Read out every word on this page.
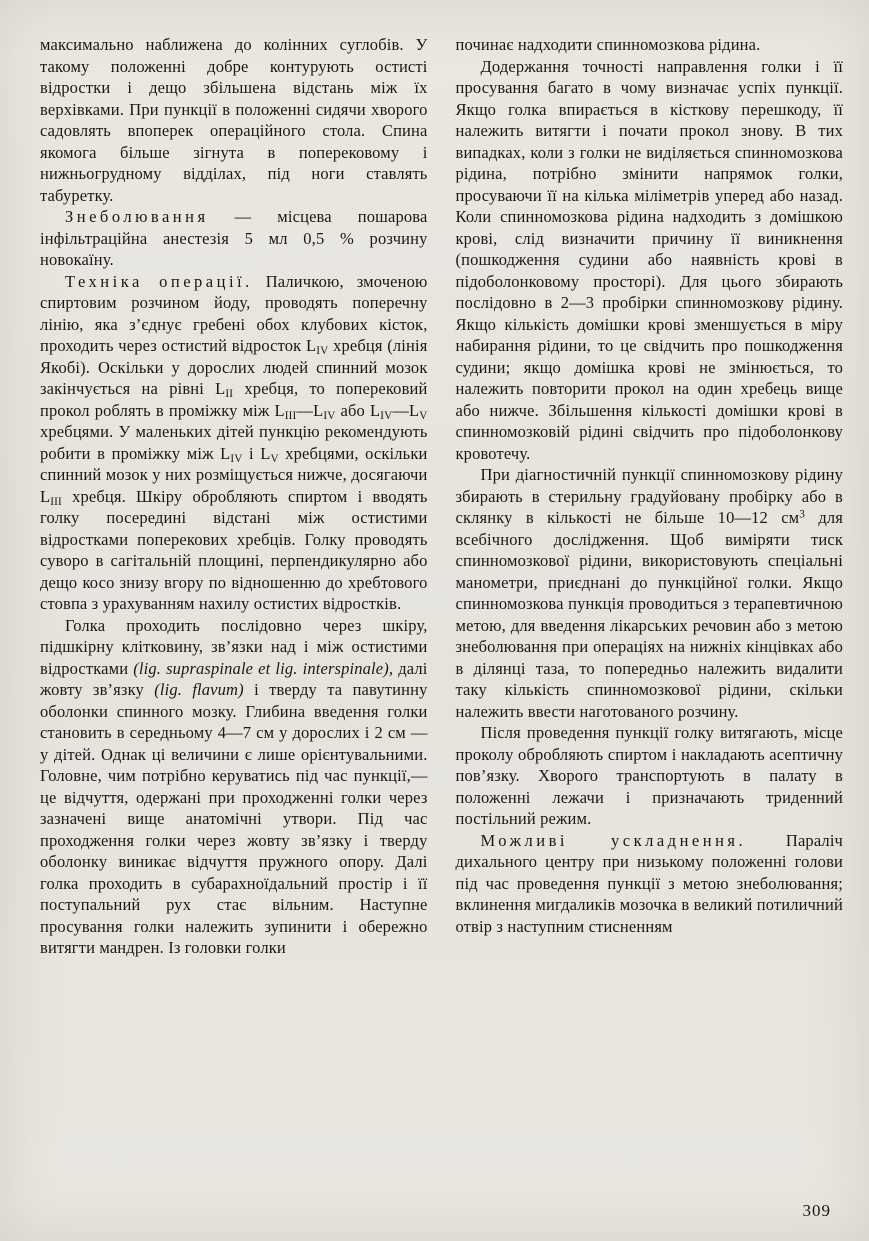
максимально наближена до колінних суглобів. У такому положенні добре контурують остисті відростки і дещо збільшена відстань між їх верхівками. При пункції в положенні сидячи хворого садовлять впоперек операційного стола. Спина якомога більше зігнута в поперековому і нижньогрудному відділах, під ноги ставлять табуретку.

Знеболювання — місцева пошарова інфільтраційна анестезія 5 мл 0,5 % розчину новокаїну.

Техніка операції. Паличкою, змоченою спиртовим розчином йоду, проводять поперечну лінію, яка з’єднує гребені обох клубових кісток, проходить через остистий відросток $L_{IV}$ хребця (лінія Якобі). Оскільки у дорослих людей спинний мозок закінчується на рівні $L_{II}$ хребця, то поперековий прокол роблять в проміжку між $L_{III}—L_{IV}$ або $L_{IV}—L_V$ хребцями. У маленьких дітей пункцію рекомендують робити в проміжку між $L_{IV}$ і $L_V$ хребцями, оскільки спинний мозок у них розміщується нижче, досягаючи $L_{III}$ хребця. Шкіру обробляють спиртом і вводять голку посередині відстані між остистими відростками поперекових хребців. Голку проводять суворо в сагітальній площині, перпендикулярно або дещо косо знизу вгору по відношенню до хребтового стовпа з урахуванням нахилу остистих відростків.

Голка проходить послідовно через шкіру, підшкірну клітковину, зв’язки над і між остистими відростками (lig. supraspinale et lig. interspinale), далі жовту зв’язку (lig. flavum) і тверду та павутинну оболонки спинного мозку. Глибина введення голки становить в середньому 4—7 см у дорослих і 2 см — у дітей. Однак ці величини є лише орієнтувальними. Головне, чим потрібно керуватись під час пункції,— це відчуття, одержані при проходженні голки через зазначені вище анатомічні утвори. Під час проходження голки через жовту зв’язку і тверду оболонку виникає відчуття пружного опору. Далі голка проходить в субарахноїдальний простір і її поступальний рух стає вільним. Наступне просування голки належить зупинити і обережно витягти мандрен. Із головки голки

починає надходити спинномозкова рідина.

Додержання точності направлення голки і її просування багато в чому визначає успіх пункції. Якщо голка впирається в кісткову перешкоду, її належить витягти і почати прокол знову. В тих випадках, коли з голки не виділяється спинномозкова рідина, потрібно змінити напрямок голки, просуваючи її на кілька міліметрів уперед або назад. Коли спинномозкова рідина надходить з домішкою крові, слід визначити причину її виникнення (пошкодження судини або наявність крові в підоболонковому просторі). Для цього збирають послідовно в 2—3 пробірки спинномозкову рідину. Якщо кількість домішки крові зменшується в міру набирання рідини, то це свідчить про пошкодження судини; якщо домішка крові не змінюється, то належить повторити прокол на один хребець вище або нижче. Збільшення кількості домішки крові в спинномозковій рідині свідчить про підоболонкову кровотечу.

При діагностичній пункції спинномозкову рідину збирають в стерильну градуйовану пробірку або в склянку в кількості не більше 10—12 $см^3$ для всебічного дослідження. Щоб виміряти тиск спинномозкової рідини, використовують спеціальні манометри, приєднані до пункційної голки. Якщо спинномозкова пункція проводиться з терапевтичною метою, для введення лікарських речовин або з метою знеболювання при операціях на нижніх кінцівках або в ділянці таза, то попередньо належить видалити таку кількість спинномозкової рідини, скільки належить ввести наготованого розчину.

Після проведення пункції голку витягають, місце проколу обробляють спиртом і накладають асептичну пов’язку. Хворого транспортують в палату в положенні лежачи і призначають триденний постільний режим.

Можливі ускладнення. Параліч дихального центру при низькому положенні голови під час проведення пункції з метою знеболювання; вклинення мигдаликів мозочка в великий потиличний отвір з наступним стисненням

309
